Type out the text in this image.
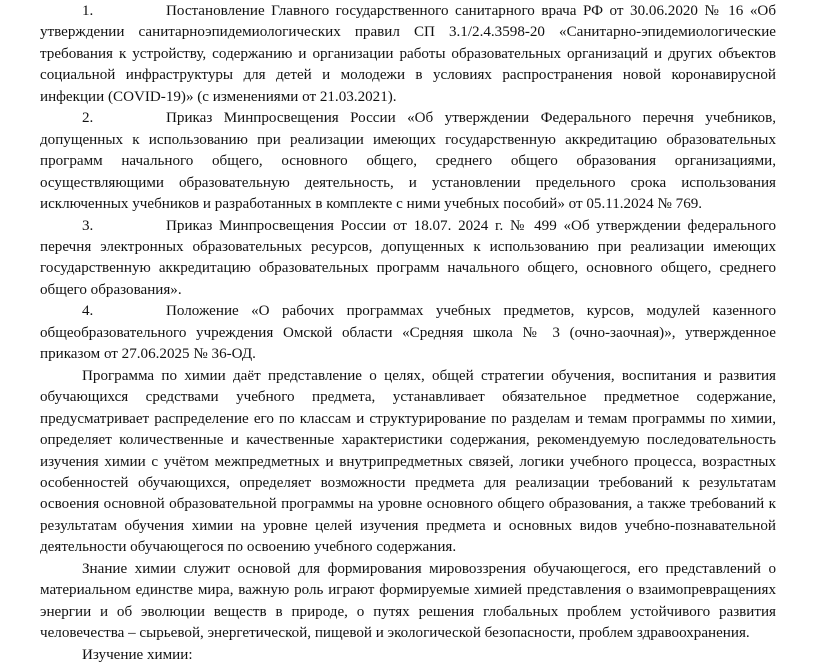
1.	Постановление Главного государственного санитарного врача РФ от 30.06.2020 № 16 «Об утверждении санитарноэпидемиологических правил СП 3.1/2.4.3598-20 «Санитарно-эпидемиологические требования к устройству, содержанию и организации работы образовательных организаций и других объектов социальной инфраструктуры для детей и молодежи в условиях распространения новой коронавирусной инфекции (COVID-19)» (с изменениями от 21.03.2021).

2.	Приказ Минпросвещения России «Об утверждении Федерального перечня учебников, допущенных к использованию при реализации имеющих государственную аккредитацию образовательных программ начального общего, основного общего, среднего общего образования организациями, осуществляющими образовательную деятельность, и установлении предельного срока использования исключенных учебников и разработанных в комплекте с ними учебных пособий» от 05.11.2024 № 769.

3.	Приказ Минпросвещения России от 18.07. 2024 г. № 499 «Об утверждении федерального перечня электронных образовательных ресурсов, допущенных к использованию при реализации имеющих государственную аккредитацию образовательных программ начального общего, основного общего, среднего общего образования».

4.	Положение «О рабочих программах учебных предметов, курсов, модулей казенного общеобразовательного учреждения Омской области «Средняя школа № 3 (очно-заочная)», утвержденное приказом от 27.06.2025 № 36-ОД.

Программа по химии даёт представление о целях, общей стратегии обучения, воспитания и развития обучающихся средствами учебного предмета, устанавливает обязательное предметное содержание, предусматривает распределение его по классам и структурирование по разделам и темам программы по химии, определяет количественные и качественные характеристики содержания, рекомендуемую последовательность изучения химии с учётом межпредметных и внутрипредметных связей, логики учебного процесса, возрастных особенностей обучающихся, определяет возможности предмета для реализации требований к результатам освоения основной образовательной программы на уровне основного общего образования, а также требований к результатам обучения химии на уровне целей изучения предмета и основных видов учебно-познавательной деятельности обучающегося по освоению учебного содержания.

Знание химии служит основой для формирования мировоззрения обучающегося, его представлений о материальном единстве мира, важную роль играют формируемые химией представления о взаимопревращениях энергии и об эволюции веществ в природе, о путях решения глобальных проблем устойчивого развития человечества – сырьевой, энергетической, пищевой и экологической безопасности, проблем здравоохранения.

Изучение химии:
